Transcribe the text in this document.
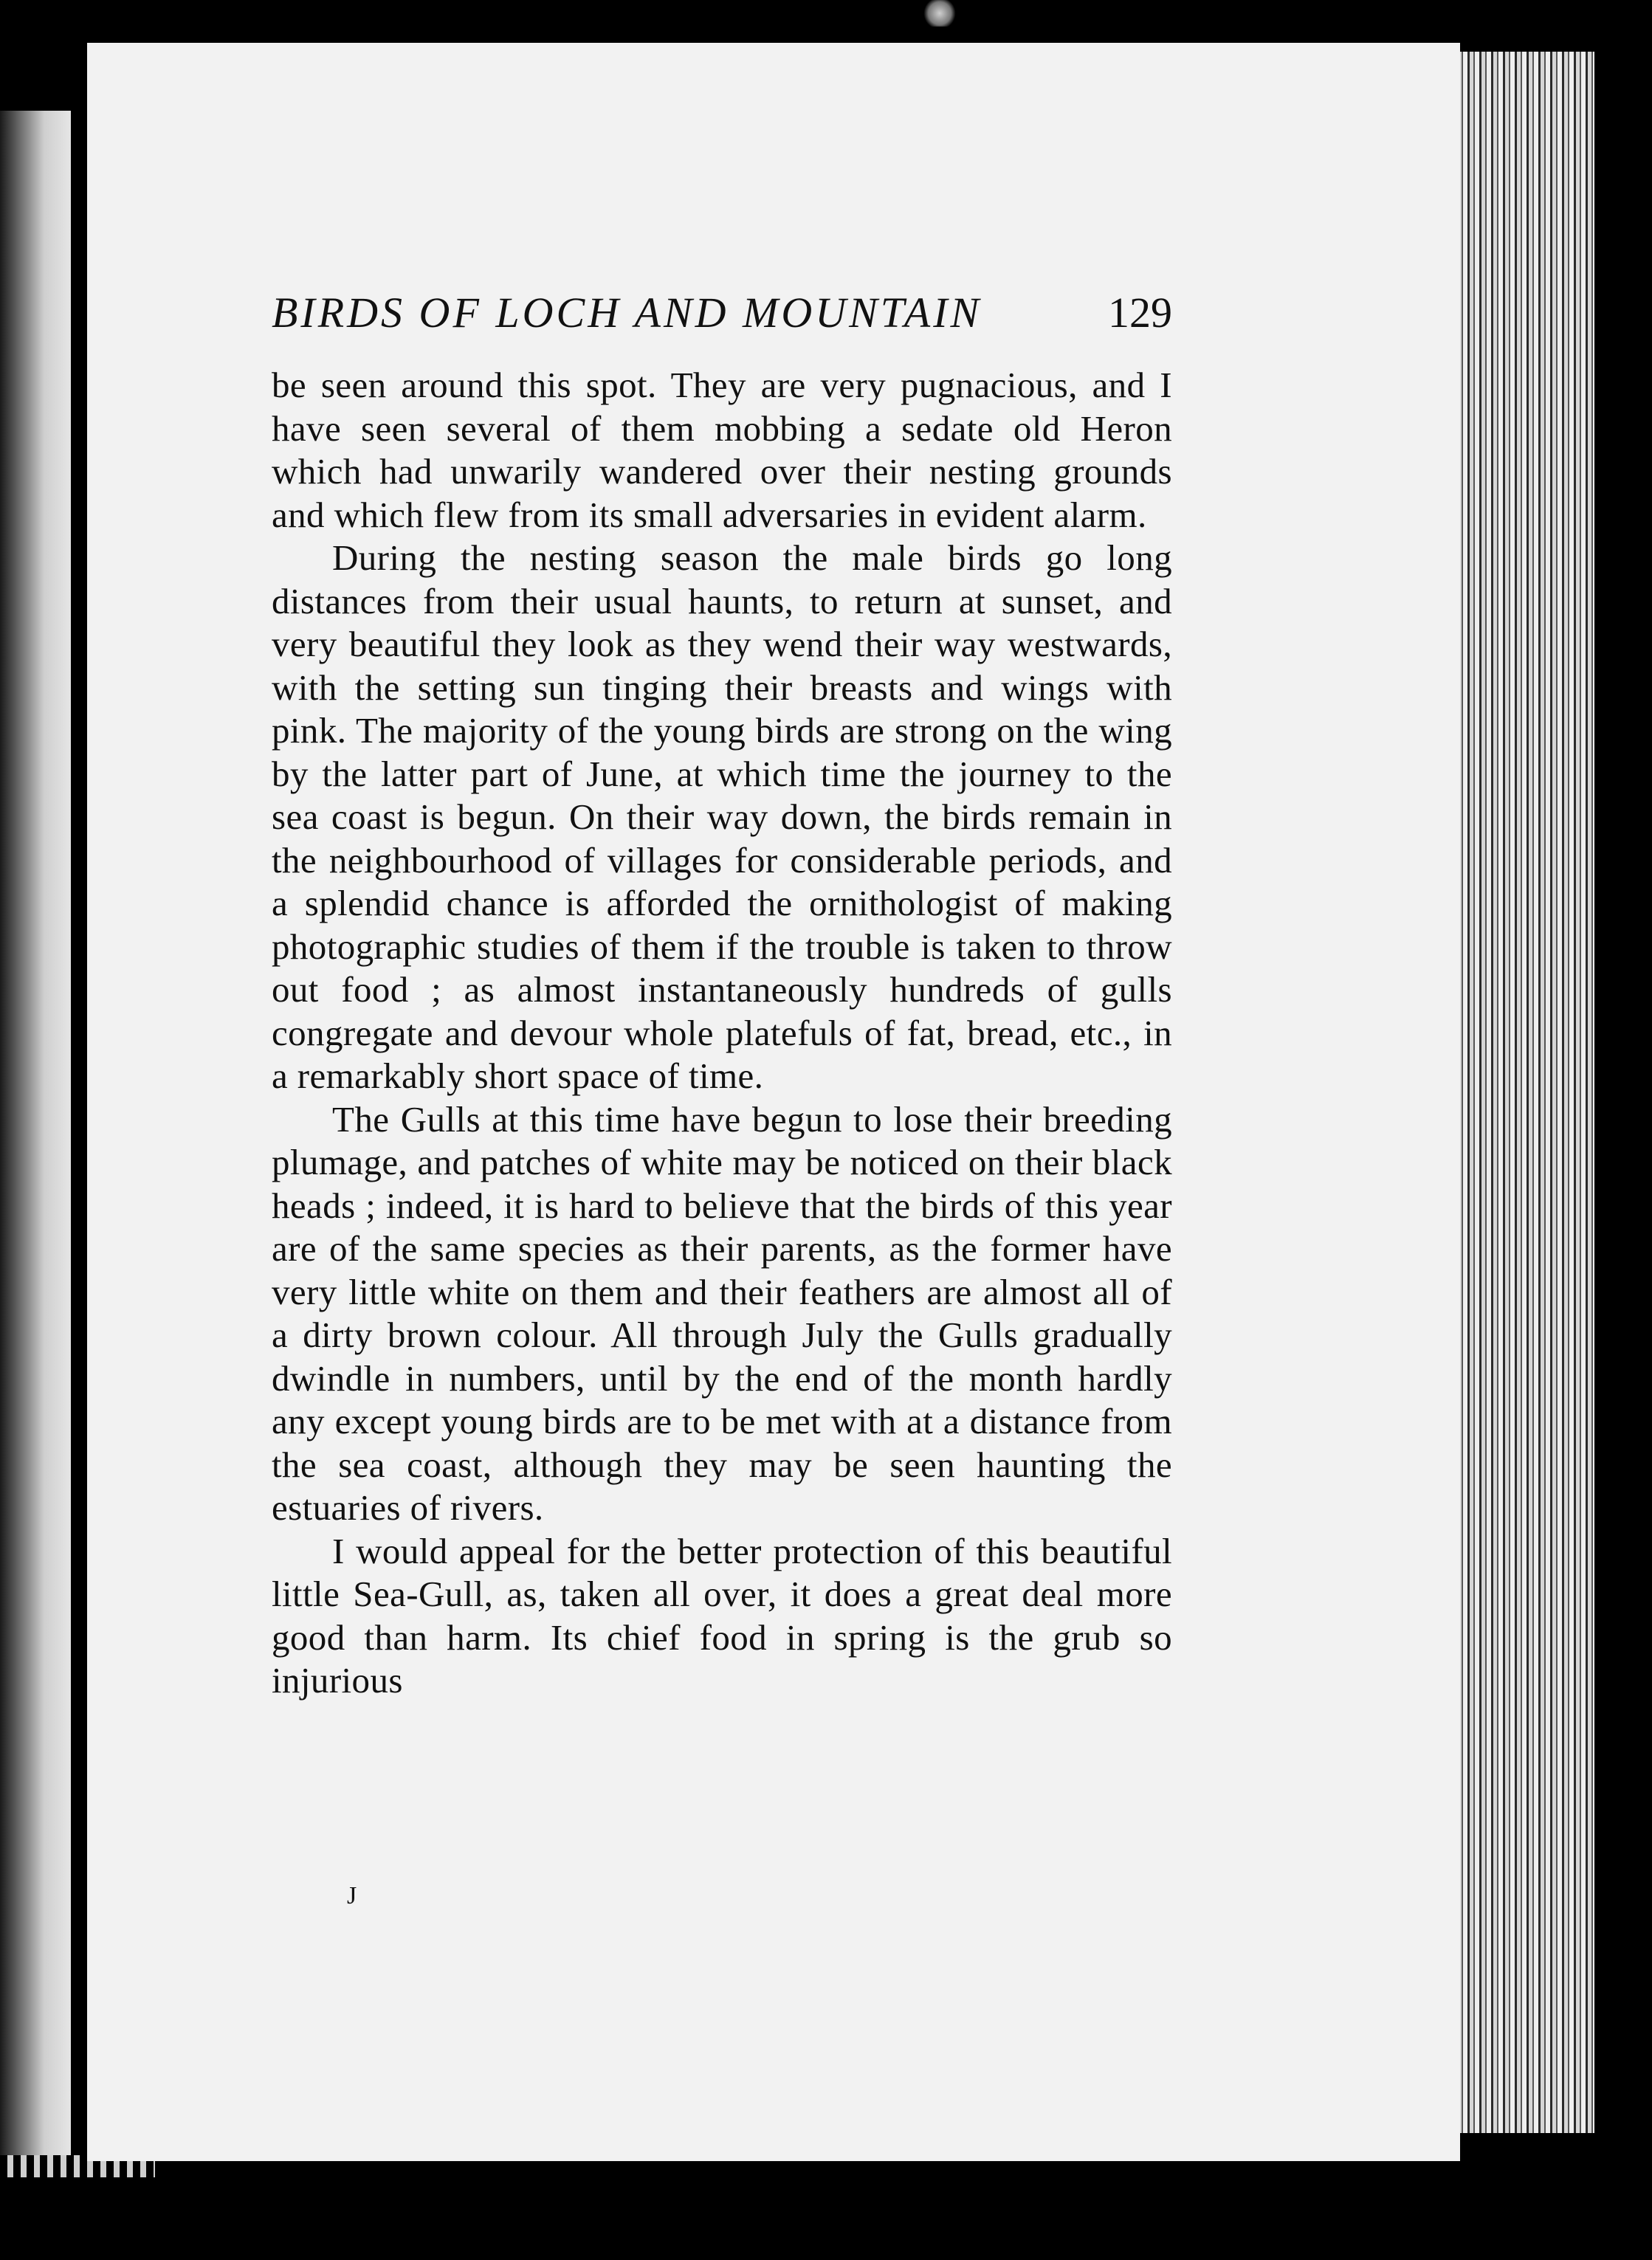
BIRDS OF LOCH AND MOUNTAIN	129

be seen around this spot. They are very pugnacious, and I have seen several of them mobbing a sedate old Heron which had unwarily wandered over their nesting grounds and which flew from its small adversaries in evident alarm.

During the nesting season the male birds go long distances from their usual haunts, to return at sunset, and very beautiful they look as they wend their way westwards, with the setting sun tinging their breasts and wings with pink. The majority of the young birds are strong on the wing by the latter part of June, at which time the journey to the sea coast is begun. On their way down, the birds remain in the neighbourhood of villages for considerable periods, and a splendid chance is afforded the ornithologist of making photographic studies of them if the trouble is taken to throw out food ; as almost instantaneously hundreds of gulls congregate and devour whole platefuls of fat, bread, etc., in a remarkably short space of time.

The Gulls at this time have begun to lose their breeding plumage, and patches of white may be noticed on their black heads ; indeed, it is hard to believe that the birds of this year are of the same species as their parents, as the former have very little white on them and their feathers are almost all of a dirty brown colour. All through July the Gulls gradually dwindle in numbers, until by the end of the month hardly any except young birds are to be met with at a distance from the sea coast, although they may be seen haunting the estuaries of rivers.

I would appeal for the better protection of this beautiful little Sea-Gull, as, taken all over, it does a great deal more good than harm. Its chief food in spring is the grub so injurious

J
